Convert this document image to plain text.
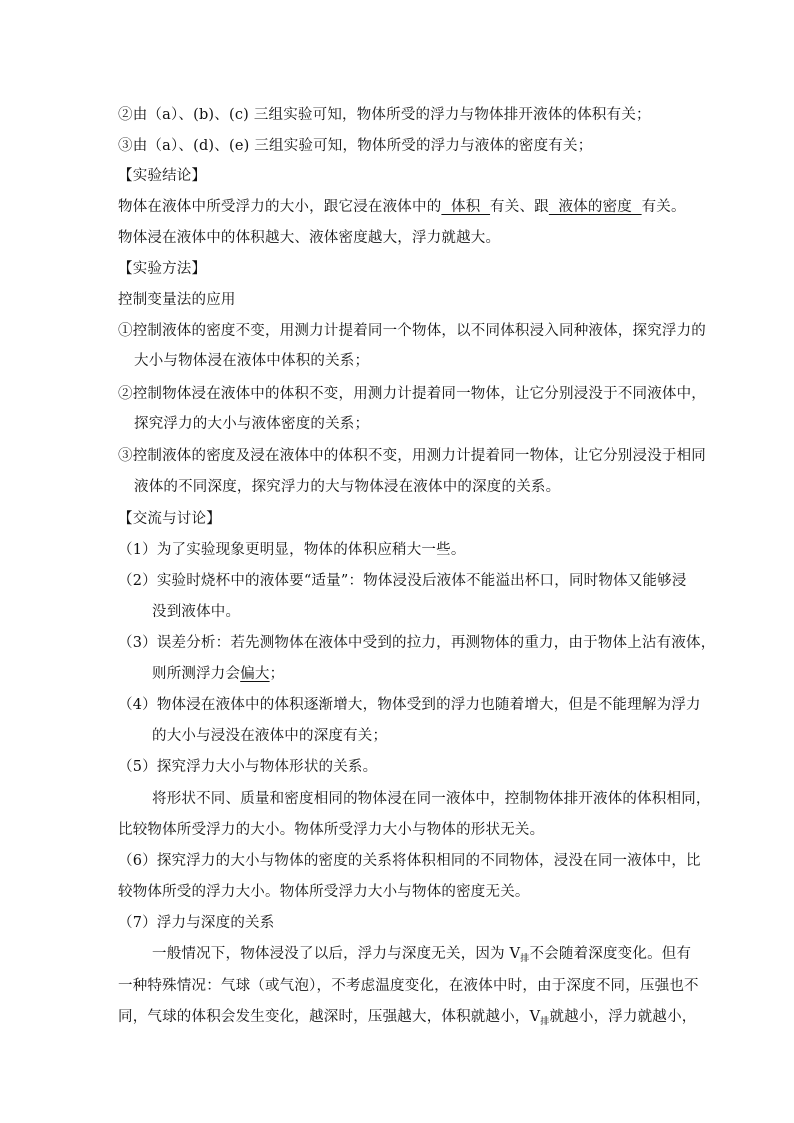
②由（a）、(b)、(c) 三组实验可知，物体所受的浮力与物体排开液体的体积有关；
③由（a）、(d)、(e) 三组实验可知，物体所受的浮力与液体的密度有关；
【实验结论】
物体在液体中所受浮力的大小，跟它浸在液体中的  体积  有关、跟  液体的密度  有关。
物体浸在液体中的体积越大、液体密度越大，浮力就越大。
【实验方法】
控制变量法的应用
①控制液体的密度不变，用测力计提着同一个物体，以不同体积浸入同种液体，探究浮力的
大小与物体浸在液体中体积的关系；
②控制物体浸在液体中的体积不变，用测力计提着同一物体，让它分别浸没于不同液体中，
探究浮力的大小与液体密度的关系；
③控制液体的密度及浸在液体中的体积不变，用测力计提着同一物体，让它分别浸没于相同
液体的不同深度，探究浮力的大与物体浸在液体中的深度的关系。
【交流与讨论】
（1）为了实验现象更明显，物体的体积应稍大一些。
（2）实验时烧杯中的液体要“适量”：物体浸没后液体不能溢出杯口，同时物体又能够浸
没到液体中。
（3）误差分析：若先测物体在液体中受到的拉力，再测物体的重力，由于物体上沾有液体，
则所测浮力会偏大；
（4）物体浸在液体中的体积逐渐增大，物体受到的浮力也随着增大，但是不能理解为浮力
的大小与浸没在液体中的深度有关；
（5）探究浮力大小与物体形状的关系。
将形状不同、质量和密度相同的物体浸在同一液体中，控制物体排开液体的体积相同，
比较物体所受浮力的大小。物体所受浮力大小与物体的形状无关。
（6）探究浮力的大小与物体的密度的关系将体积相同的不同物体，浸没在同一液体中，比
较物体所受的浮力大小。物体所受浮力大小与物体的密度无关。
（7）浮力与深度的关系
一般情况下，物体浸没了以后，浮力与深度无关，因为 $V_排$不会随着深度变化。但有
一种特殊情况：气球（或气泡），不考虑温度变化，在液体中时，由于深度不同，压强也不
同，气球的体积会发生变化，越深时，压强越大，体积就越小，$V_排$就越小，浮力就越小，
